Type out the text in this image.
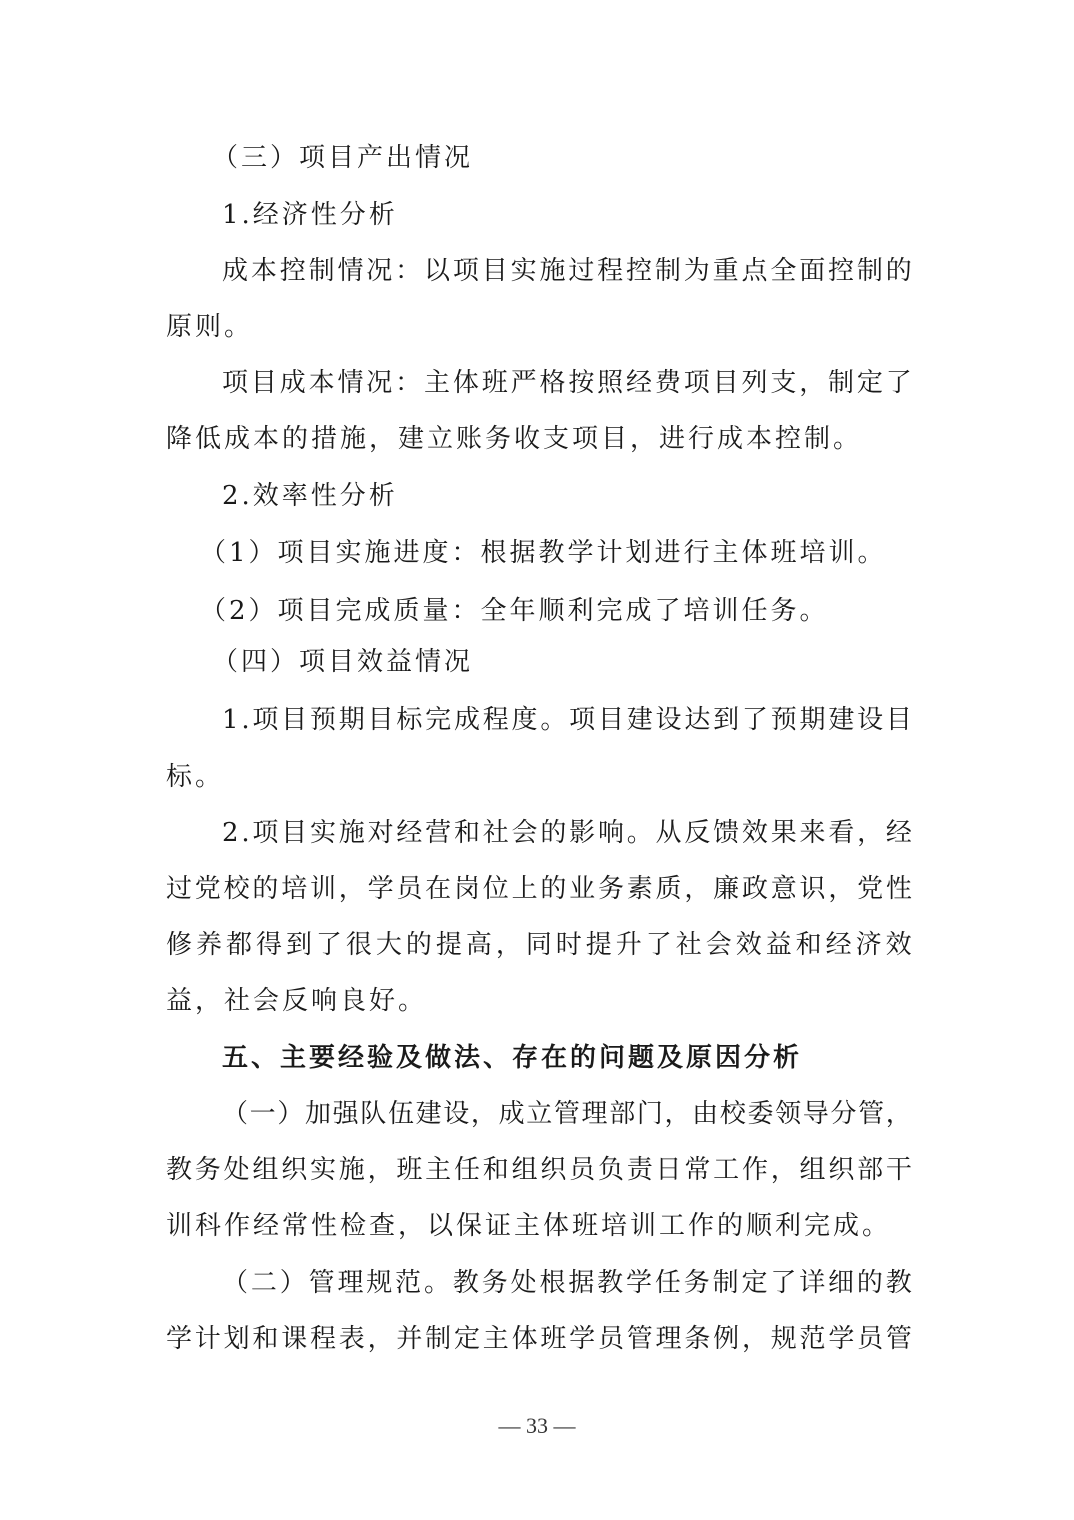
（三）项目产出情况
1.经济性分析
成 本 控 制 情 况 ： 以 项 目 实 施 过 程 控 制 为 重 点 全 面 控 制 的
原则。
项 目 成 本 情 况 ： 主 体 班 严 格 按 照 经 费 项 目 列 支 ， 制 定 了
降低成本的措施，建立账务收支项目，进行成本控制。
2.效率性分析
（1）项目实施进度：根据教学计划进行主体班培训。
（2）项目完成质量：全年顺利完成了培训任务。
（四）项目效益情况
1 . 项 目 预 期 目 标 完 成 程 度 。 项 目 建 设 达 到 了 预 期 建 设 目
标。
2 . 项 目 实 施 对 经 营 和 社 会 的 影 响 。 从 反 馈 效 果 来 看 ， 经
过 党 校 的 培 训 ， 学 员 在 岗 位 上 的 业 务 素 质 ， 廉 政 意 识 ， 党 性
修 养 都 得 到 了 很 大 的 提 高 ， 同 时 提 升 了 社 会 效 益 和 经 济 效
益，社会反响良好。
五、主要经验及做法、存在的问题及原因分析
（ 一 ） 加 强 队 伍 建 设 ， 成 立 管 理 部 门 ， 由 校 委 领 导 分 管 ，
教 务 处 组 织 实 施 ， 班 主 任 和 组 织 员 负 责 日 常 工 作 ， 组 织 部 干
训科作经常性检查，以保证主体班培训工作的顺利完成。
（ 二 ） 管 理 规 范 。 教 务 处 根 据 教 学 任 务 制 定 了 详 细 的 教
学 计 划 和 课 程 表 ， 并 制 定 主 体 班 学 员 管 理 条 例 ， 规 范 学 员 管
— 33 —
